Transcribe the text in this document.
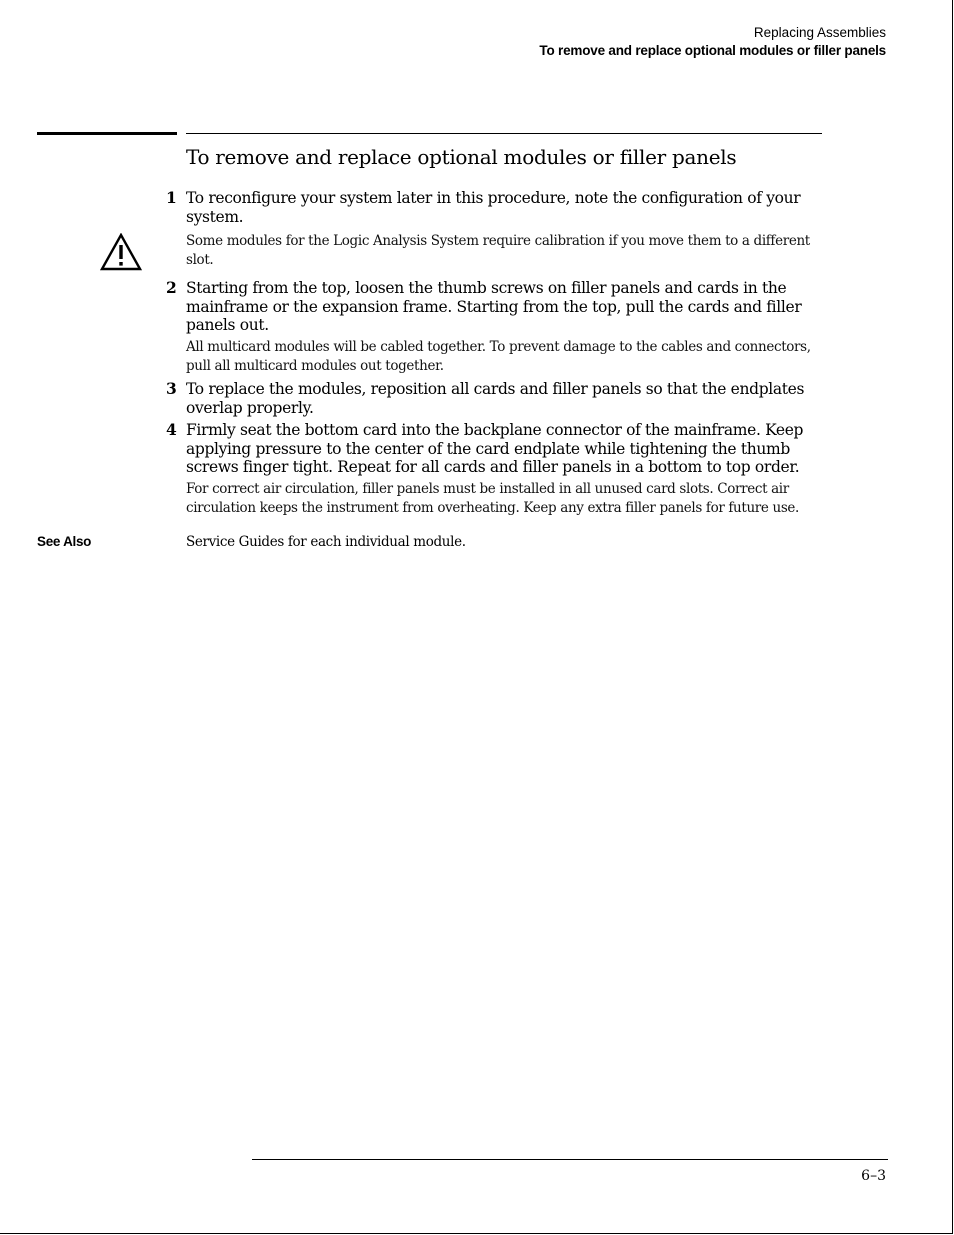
Replacing Assemblies
To remove and replace optional modules or filler panels
To remove and replace optional modules or filler panels
1 To reconfigure your system later in this procedure, note the configuration of your system.
Some modules for the Logic Analysis System require calibration if you move them to a different slot.
2 Starting from the top, loosen the thumb screws on filler panels and cards in the mainframe or the expansion frame. Starting from the top, pull the cards and filler panels out.
All multicard modules will be cabled together. To prevent damage to the cables and connectors, pull all multicard modules out together.
3 To replace the modules, reposition all cards and filler panels so that the endplates overlap properly.
4 Firmly seat the bottom card into the backplane connector of the mainframe. Keep applying pressure to the center of the card endplate while tightening the thumb screws finger tight. Repeat for all cards and filler panels in a bottom to top order.
For correct air circulation, filler panels must be installed in all unused card slots. Correct air circulation keeps the instrument from overheating. Keep any extra filler panels for future use.
See Also	Service Guides for each individual module.
6–3
